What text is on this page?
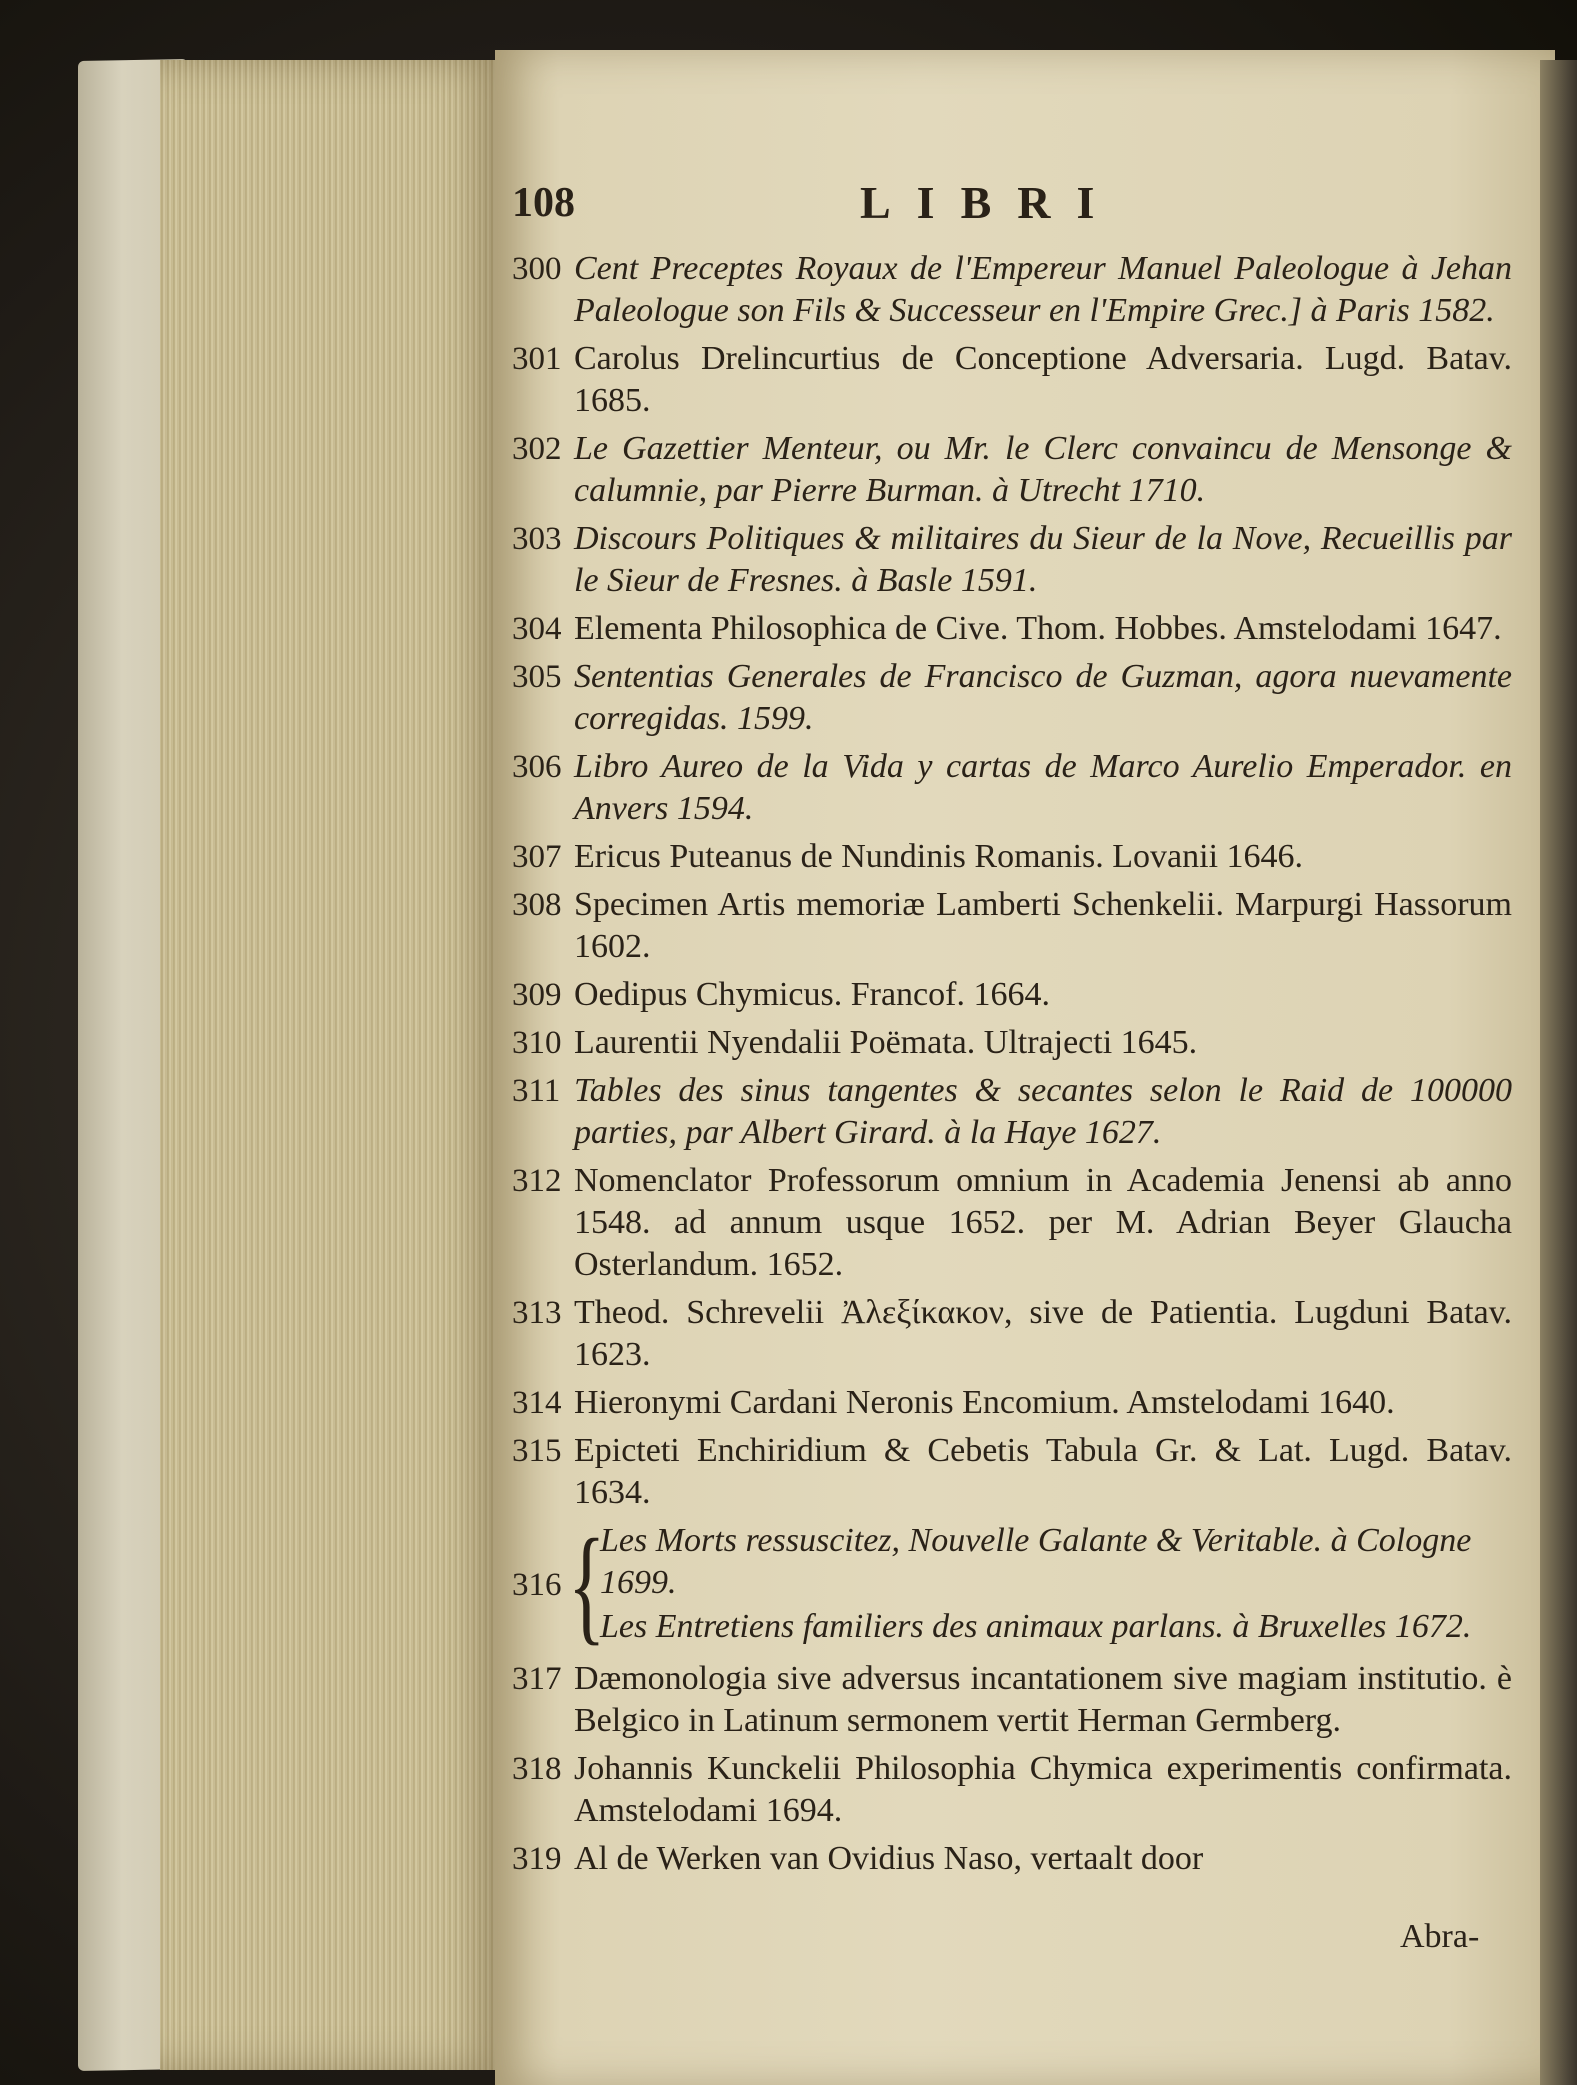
108	LIBRI
300 Cent Preceptes Royaux de l'Empereur Manuel Paleologue à Jehan Paleologue son Fils & Successeur en l'Empire Grec.] à Paris 1582.
301 Carolus Drelincurtius de Conceptione Adversaria. Lugd. Batav. 1685.
302 Le Gazettier Menteur, ou Mr. le Clerc convaincu de Mensonge & calumnie, par Pierre Burman. à Utrecht 1710.
303 Discours Politiques & militaires du Sieur de la Nove, Recueillis par le Sieur de Fresnes. à Basle 1591.
304 Elementa Philosophica de Cive. Thom. Hobbes. Amstelodami 1647.
305 Sententias Generales de Francisco de Guzman, agora nuevamente corregidas. 1599.
306 Libro Aureo de la Vida y cartas de Marco Aurelio Emperador. en Anvers 1594.
307 Ericus Puteanus de Nundinis Romanis. Lovanii 1646.
308 Specimen Artis memoriæ Lamberti Schenkelii. Marpurgi Hassorum 1602.
309 Oedipus Chymicus. Francof. 1664.
310 Laurentii Nyendalii Poëmata. Ultrajecti 1645.
311 Tables des sinus tangentes & secantes selon le Raid de 100000 parties, par Albert Girard. à la Haye 1627.
312 Nomenclator Professorum omnium in Academia Jenensi ab anno 1548. ad annum usque 1652. per M. Adrian Beyer Glaucha Osterlandum. 1652.
313 Theod. Schrevelii Ἀλεξίκακον, sive de Patientia. Lugduni Batav. 1623.
314 Hieronymi Cardani Neronis Encomium. Amstelodami 1640.
315 Epicteti Enchiridium & Cebetis Tabula Gr. & Lat. Lugd. Batav. 1634.
316 {
Les Morts ressuscitez, Nouvelle Galante & Veritable. à Cologne 1699.
Les Entretiens familiers des animaux parlans. à Bruxelles 1672.
317 Dæmonologia sive adversus incantationem sive magiam institutio. è Belgico in Latinum sermonem vertit Herman Germberg.
318 Johannis Kunckelii Philosophia Chymica experimentis confirmata. Amstelodami 1694.
319 Al de Werken van Ovidius Naso, vertaalt door
Abra-
